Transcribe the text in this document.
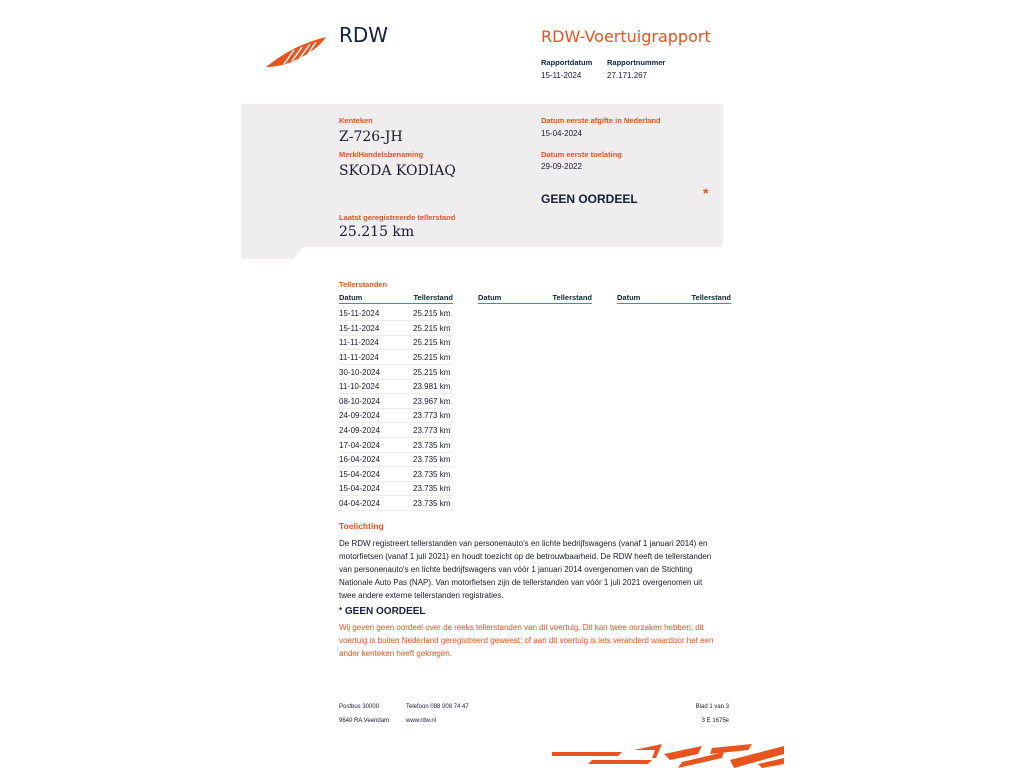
RDW	RDW-Voertuigrapport
Rapportdatum
15-11-2024
Rapportnummer
27.171.267
Kenteken
Z-726-JH
Merk/Handelsbenaming
SKODA KODIAQ
Laatst geregistreerde tellerstand
25.215 km
Datum eerste afgifte in Nederland
15-04-2024
Datum eerste toelating
29-09-2022
GEEN OORDEEL	*
Tellerstanden
Datum	Tellerstand	Datum	Tellerstand	Datum	Tellerstand
15-11-2024	25.215 km
15-11-2024	25.215 km
11-11-2024	25.215 km
11-11-2024	25.215 km
30-10-2024	25.215 km
11-10-2024	23.981 km
08-10-2024	23.967 km
24-09-2024	23.773 km
24-09-2024	23.773 km
17-04-2024	23.735 km
16-04-2024	23.735 km
15-04-2024	23.735 km
15-04-2024	23.735 km
04-04-2024	23.735 km
Toelichting
De RDW registreert tellerstanden van personenauto's en lichte bedrijfswagens (vanaf 1 januari 2014) en
motorfietsen (vanaf 1 juli 2021) en houdt toezicht op de betrouwbaarheid. De RDW heeft de tellerstanden
van personenauto's en lichte bedrijfswagens van vóór 1 januari 2014 overgenomen van de Stichting
Nationale Auto Pas (NAP). Van motorfietsen zijn de tellerstanden van vóór 1 juli 2021 overgenomen uit
twee andere externe tellerstanden registraties.
* GEEN OORDEEL
Wij geven geen oordeel over de reeks tellerstanden van dit voertuig. Dit kan twee oorzaken hebben: dit
voertuig is buiten Nederland geregistreerd geweest; of aan dit voertuig is iets veranderd waardoor het een
ander kenteken heeft gekregen.
Postbus 30000
9640 RA Veendam
Telefoon 088 008 74 47
www.rdw.nl
Blad 1 van 3
3 E 1675e
